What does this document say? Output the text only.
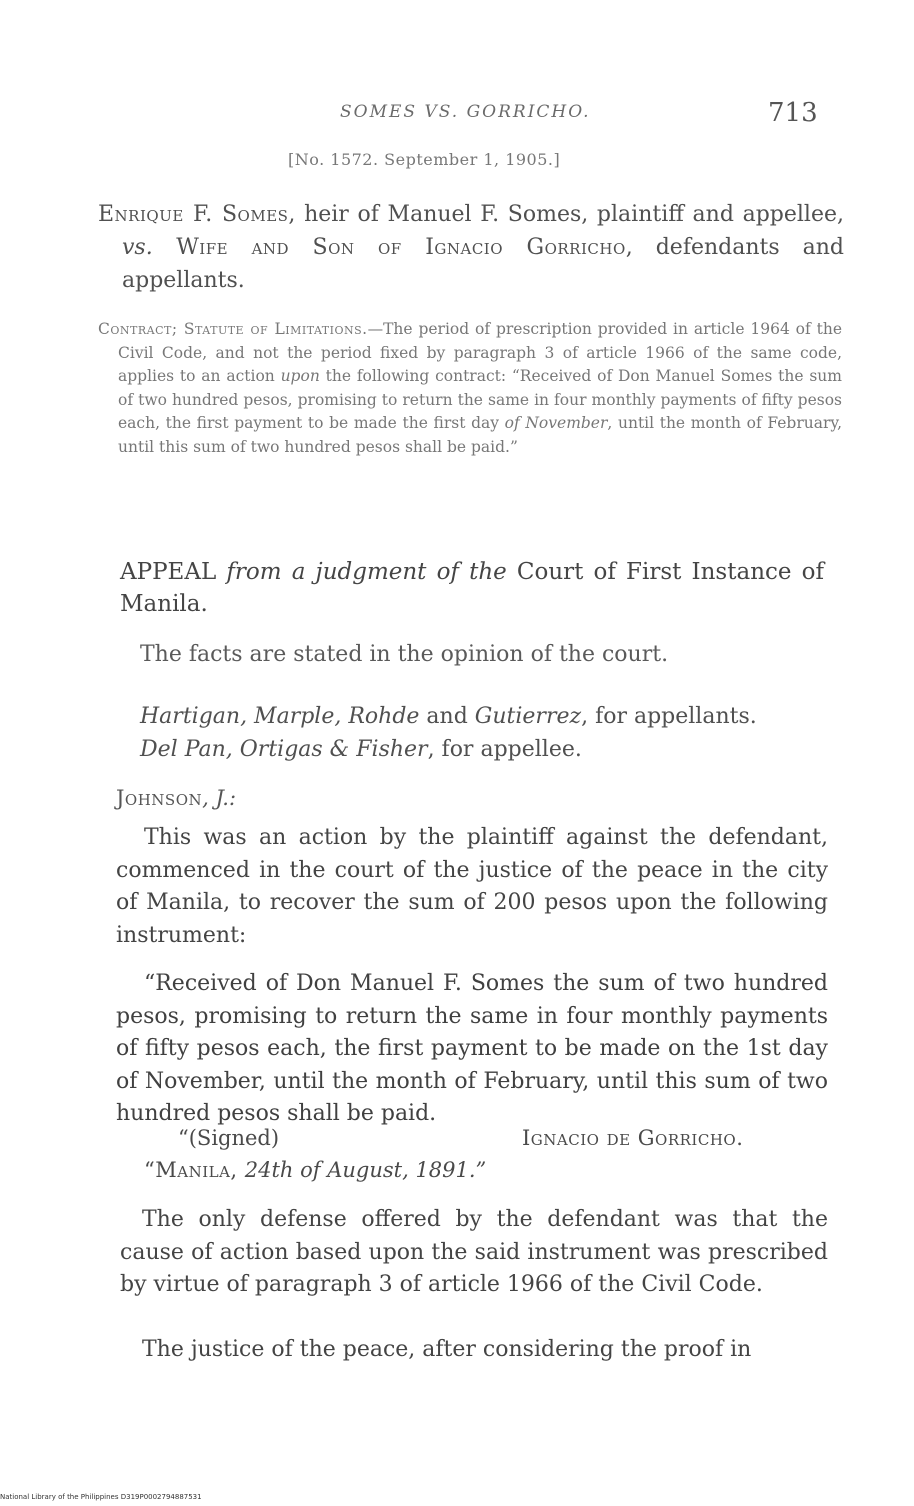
SOMES VS. GORRICHO.	713
[No. 1572. September 1, 1905.]
Enrique F. Somes, heir of Manuel F. Somes, plaintiff and appellee, vs. Wife and Son of Ignacio Gorricho, defendants and appellants.
Contract; Statute of Limitations.—The period of prescription provided in article 1964 of the Civil Code, and not the period fixed by paragraph 3 of article 1966 of the same code, applies to an action upon the following contract: “Received of Don Manuel Somes the sum of two hundred pesos, promising to return the same in four monthly payments of fifty pesos each, the first payment to be made the first day of November, until the month of February, until this sum of two hundred pesos shall be paid.”
APPEAL from a judgment of the Court of First Instance of Manila.
The facts are stated in the opinion of the court.
Hartigan, Marple, Rohde and Gutierrez, for appellants.
Del Pan, Ortigas & Fisher, for appellee.
Johnson, J.:
This was an action by the plaintiff against the defendant, commenced in the court of the justice of the peace in the city of Manila, to recover the sum of 200 pesos upon the following instrument:
“Received of Don Manuel F. Somes the sum of two hundred pesos, promising to return the same in four monthly payments of fifty pesos each, the first payment to be made on the 1st day of November, until the month of February, until this sum of two hundred pesos shall be paid.
“(Signed)	Ignacio de Gorricho.
“Manila, 24th of August, 1891.”
The only defense offered by the defendant was that the cause of action based upon the said instrument was prescribed by virtue of paragraph 3 of article 1966 of the Civil Code.
The justice of the peace, after considering the proof in
National Library of the Philippines D319P0002794887531
